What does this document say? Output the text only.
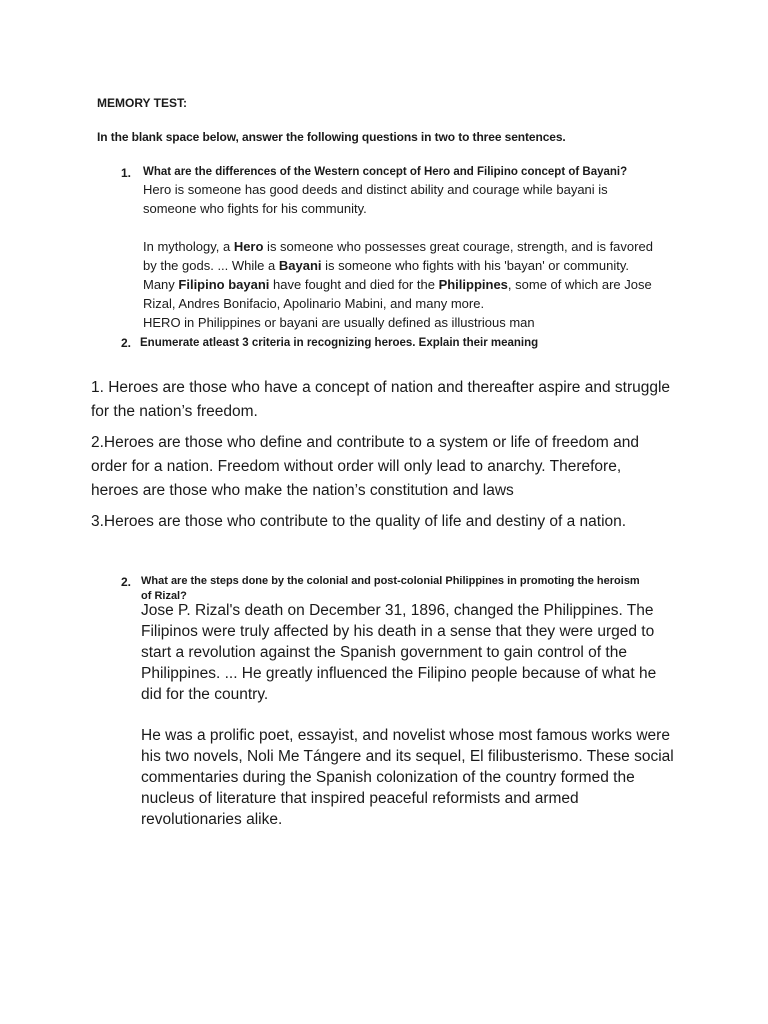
MEMORY TEST:
In the blank space below, answer the following questions in two to three sentences.
1. What are the differences of the Western concept of Hero and Filipino concept of Bayani?
Hero is someone has good deeds and distinct ability and courage while bayani is
someone who fights for his community.
In mythology, a Hero is someone who possesses great courage, strength, and is favored
by the gods. ... While a Bayani is someone who fights with his 'bayan' or community.
Many Filipino bayani have fought and died for the Philippines, some of which are Jose
Rizal, Andres Bonifacio, Apolinario Mabini, and many more.
HERO in Philippines or bayani are usually defined as illustrious man
2. Enumerate atleast 3 criteria in recognizing heroes. Explain their meaning
1. Heroes are those who have a concept of nation and thereafter aspire and struggle
for the nation’s freedom.
2.Heroes are those who define and contribute to a system or life of freedom and
order for a nation. Freedom without order will only lead to anarchy. Therefore,
heroes are those who make the nation’s constitution and laws
3.Heroes are those who contribute to the quality of life and destiny of a nation.
2. What are the steps done by the colonial and post-colonial Philippines in promoting the heroism
of Rizal?
Jose P. Rizal's death on December 31, 1896, changed the Philippines. The
Filipinos were truly affected by his death in a sense that they were urged to
start a revolution against the Spanish government to gain control of the
Philippines. ... He greatly influenced the Filipino people because of what he
did for the country.
He was a prolific poet, essayist, and novelist whose most famous works were
his two novels, Noli Me Tángere and its sequel, El filibusterismo. These social
commentaries during the Spanish colonization of the country formed the
nucleus of literature that inspired peaceful reformists and armed
revolutionaries alike.
